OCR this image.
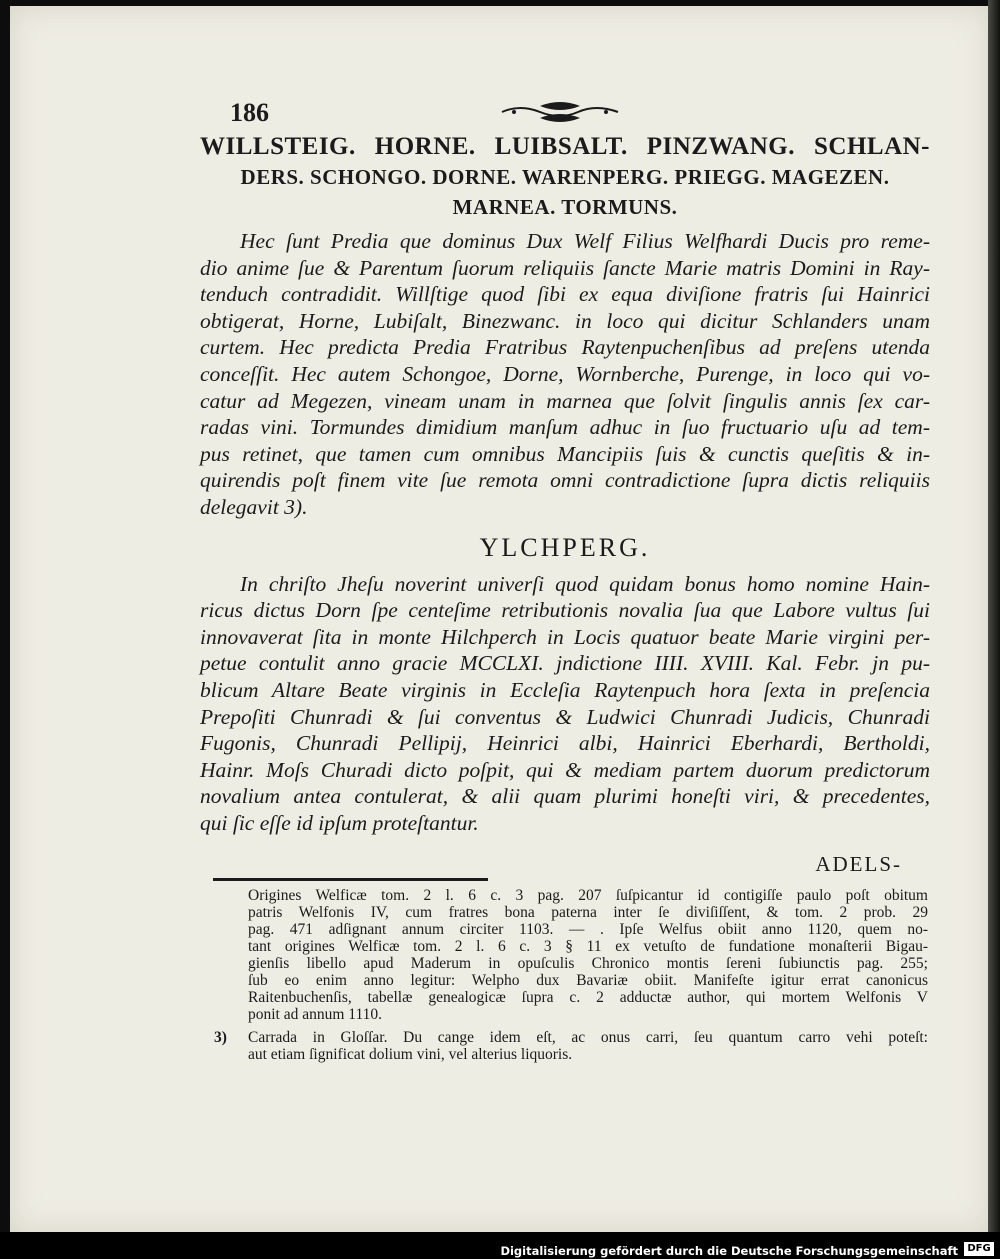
186
WILLSTEIG. HORNE. LUIBSALT. PINZWANG. SCHLAN-
DERS. SCHONGO. DORNE. WARENPERG. PRIEGG. MAGEZEN.
MARNEA. TORMUNS.

Hec ſunt Predia que dominus Dux Welf Filius Welfhardi Ducis pro reme-
dio anime ſue & Parentum ſuorum reliquiis ſancte Marie matris Domini in Ray-
tenduch contradidit. Willſtige quod ſibi ex equa diviſione fratris ſui Hainrici
obtigerat, Horne, Lubiſalt, Binezwanc. in loco qui dicitur Schlanders unam
curtem. Hec predicta Predia Fratribus Raytenpuchenſibus ad preſens utenda
conceſſit. Hec autem Schongoe, Dorne, Wornberche, Purenge, in loco qui vo-
catur ad Megezen, vineam unam in marnea que ſolvit ſingulis annis ſex car-
radas vini. Tormundes dimidium manſum adhuc in ſuo fructuario uſu ad tem-
pus retinet, que tamen cum omnibus Mancipiis ſuis & cunctis queſitis & in-
quirendis poſt finem vite ſue remota omni contradictione ſupra dictis reliquiis
delegavit 3).

YLCHPERG.

In chriſto Jheſu noverint univerſi quod quidam bonus homo nomine Hain-
ricus dictus Dorn ſpe centeſime retributionis novalia ſua que Labore vultus ſui
innovaverat ſita in monte Hilchperch in Locis quatuor beate Marie virgini per-
petue contulit anno gracie MCCLXI. jndictione IIII. XVIII. Kal. Febr. jn pu-
blicum Altare Beate virginis in Eccleſia Raytenpuch hora ſexta in preſencia
Prepoſiti Chunradi & ſui conventus & Ludwici Chunradi Judicis, Chunradi
Fugonis, Chunradi Pellipij, Heinrici albi, Hainrici Eberhardi, Bertholdi,
Hainr. Moſs Churadi dicto poſpit, qui & mediam partem duorum predictorum
novalium antea contulerat, & alii quam plurimi honeſti viri, & precedentes,
qui ſic eſſe id ipſum proteſtantur.

ADELS-
Origines Welficæ tom. 2 l. 6 c. 3 pag. 207 ſuſpicantur id contigiſſe paulo poſt obitum
patris Welfonis IV, cum fratres bona paterna inter ſe diviſiſſent, & tom. 2 prob. 29
pag. 471 adſignant annum circiter 1103. — . Ipſe Welfus obiit anno 1120, quem no-
tant origines Welficæ tom. 2 l. 6 c. 3 § 11 ex vetuſto de fundatione monaſterii Bigau-
gienſis libello apud Maderum in opuſculis Chronico montis ſereni ſubiunctis pag. 255;
ſub eo enim anno legitur: Welpho dux Bavariæ obiit. Manifeſte igitur errat canonicus
Raitenbuchenſis, tabellæ genealogicæ ſupra c. 2 adductæ author, qui mortem Welfonis V
ponit ad annum 1110.
3)	Carrada in Gloſſar. Du cange idem eſt, ac onus carri, ſeu quantum carro vehi poteſt:
aut etiam ſignificat dolium vini, vel alterius liquoris.
Digitalisierung gefördert durch die Deutsche Forschungsgemeinschaft DFG
